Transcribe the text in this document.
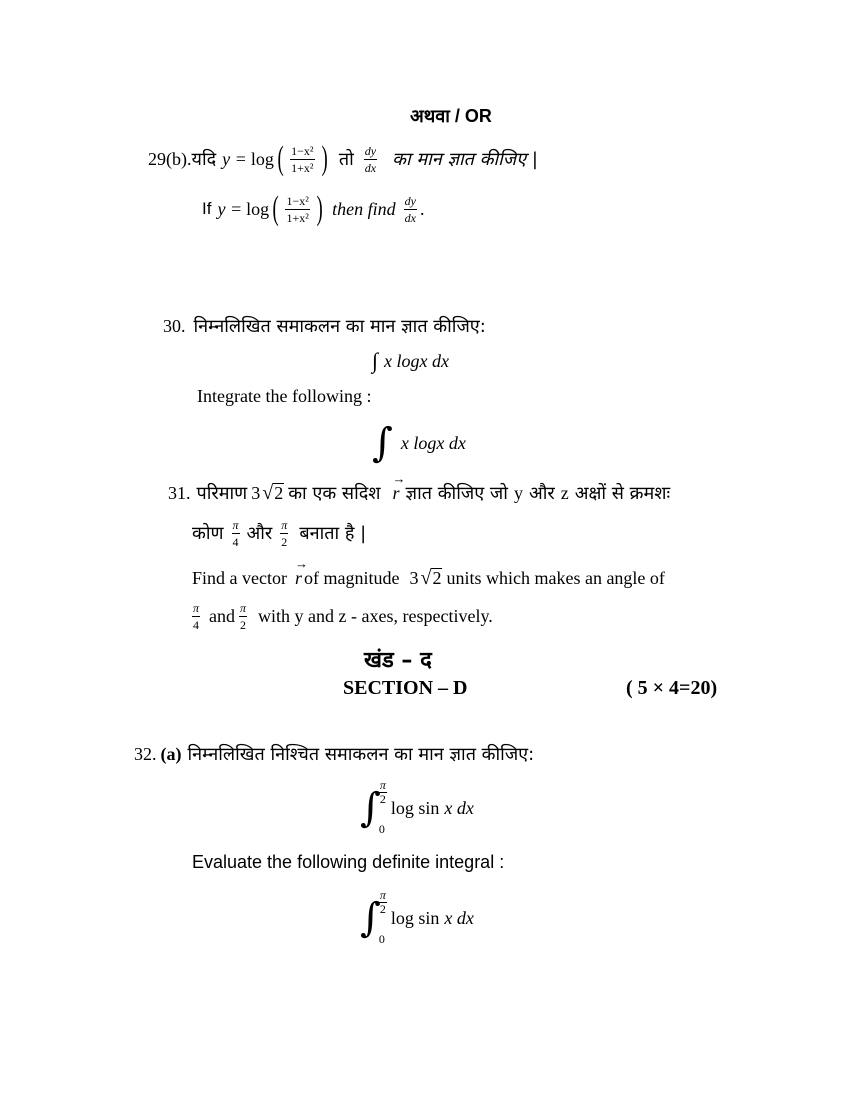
अथवा / OR
29(b). यदि y = log ( $\frac{\text{1−x²}}{\text{1+x²}}$ ) तो $\frac{dy}{dx}$ का मान ज्ञात कीजिए |
If y = log ( $\frac{\text{1−x²}}{\text{1+x²}}$ ) then find $\frac{dy}{dx}$ .
30. निम्नलिखित समाकलन का मान ज्ञात कीजिए:
∫ x logx dx
Integrate the following :
∫ x logx dx
31. परिमाण 3 √ 2 का एक सदिश r → ज्ञात कीजिए जो y और z अक्षों से क्रमशः
कोण $\frac{\pi}{4}$ और $\frac{\pi}{2}$ बनाता है |
Find a vector r → of magnitude 3 √ 2 units which makes an angle of
$\frac{\pi}{4}$ and $\frac{\pi}{2}$ with y and z - axes, respectively.
खंड – द
SECTION – D	( 5 × 4=20)
32. (a) निम्नलिखित निश्चित समाकलन का मान ज्ञात कीजिए:
∫
$\frac{\pi}{2}$
0
log sin x dx
Evaluate the following definite integral :
∫
$\frac{\pi}{2}$
0
log sin x dx
